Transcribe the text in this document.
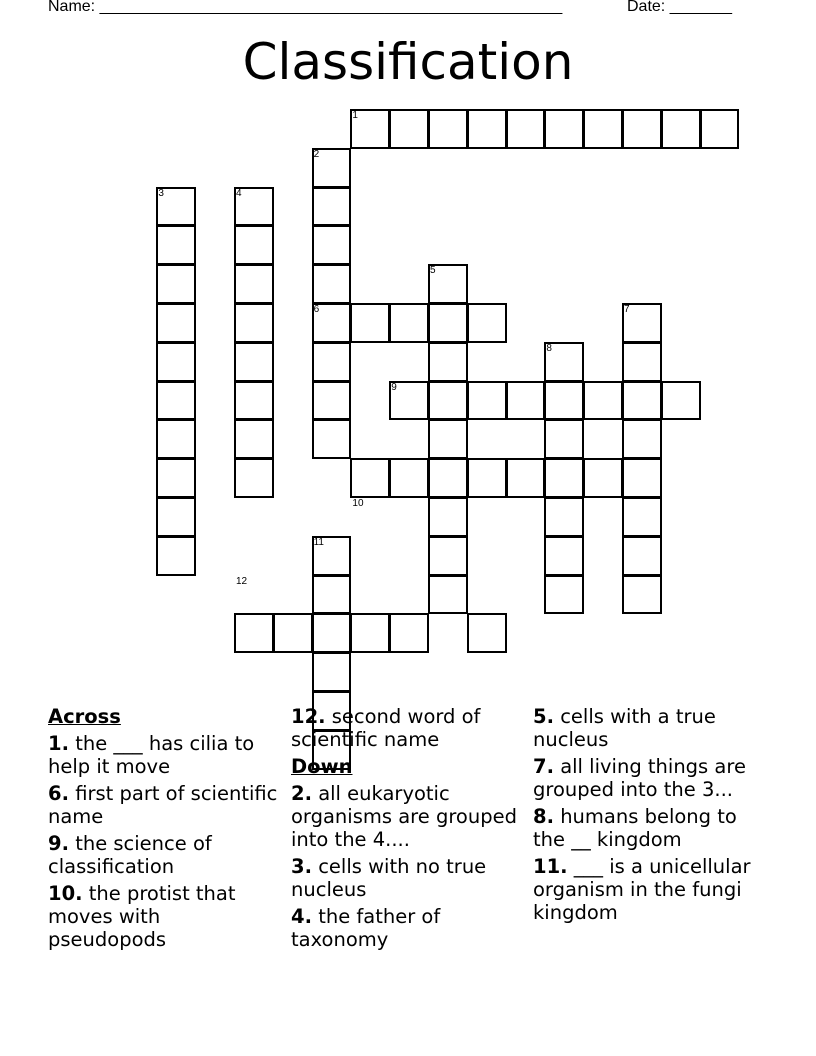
Name: ____________________________________________________	Date: _______
Classification
1
2
3	4
5
6	7
8
9
10
11
12
Across
1. the ___ has cilia to help it move
6. first part of scientific name
9. the science of classification
10. the protist that moves with pseudopods
12. second word of scientific name
Down
2. all eukaryotic organisms are grouped into the 4....
3. cells with no true nucleus
4. the father of taxonomy
5. cells with a true nucleus
7. all living things are grouped into the 3...
8. humans belong to the __ kingdom
11. ___ is a unicellular organism in the fungi kingdom
